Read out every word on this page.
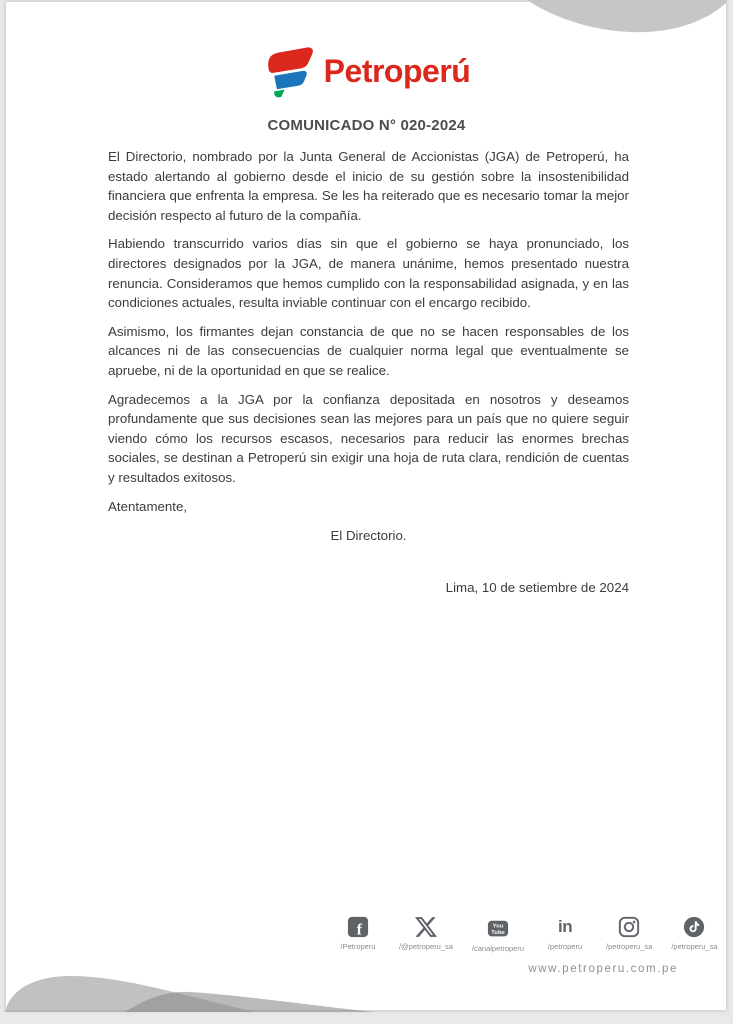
Petroperú
COMUNICADO N° 020-2024

El Directorio, nombrado por la Junta General de Accionistas (JGA) de Petroperú, ha estado alertando al gobierno desde el inicio de su gestión sobre la insostenibilidad financiera que enfrenta la empresa. Se les ha reiterado que es necesario tomar la mejor decisión respecto al futuro de la compañía.

Habiendo transcurrido varios días sin que el gobierno se haya pronunciado, los directores designados por la JGA, de manera unánime, hemos presentado nuestra renuncia. Consideramos que hemos cumplido con la responsabilidad asignada, y en las condiciones actuales, resulta inviable continuar con el encargo recibido.

Asimismo, los firmantes dejan constancia de que no se hacen responsables de los alcances ni de las consecuencias de cualquier norma legal que eventualmente se apruebe, ni de la oportunidad en que se realice.

Agradecemos a la JGA por la confianza depositada en nosotros y deseamos profundamente que sus decisiones sean las mejores para un país que no quiere seguir viendo cómo los recursos escasos, necesarios para reducir las enormes brechas sociales, se destinan a Petroperú sin exigir una hoja de ruta clara, rendición de cuentas y resultados exitosos.

Atentamente,

El Directorio.

Lima, 10 de setiembre de 2024

f
/Petroperu	/@petroperu_sa
You
Tube
/canalpetroperu
in
/petroperu	/petroperu_sa	/petroperu_sa
www.petroperu.com.pe
